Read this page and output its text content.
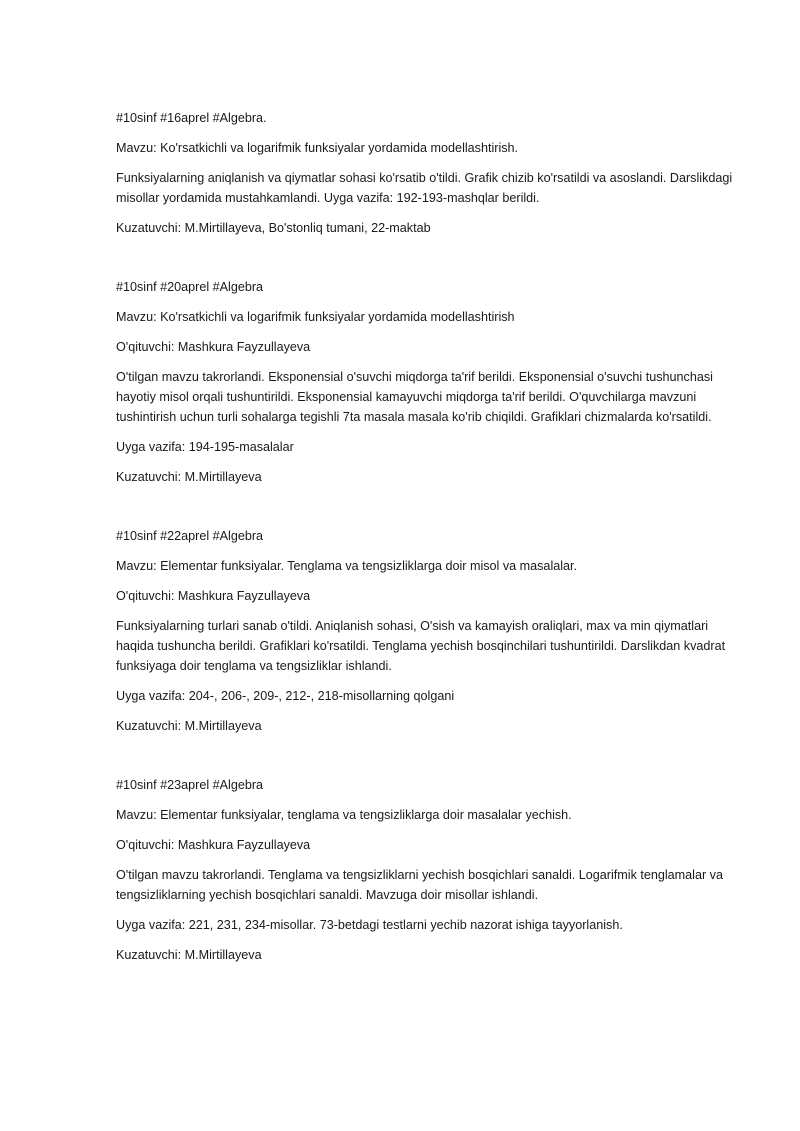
#10sinf #16aprel #Algebra.

Mavzu: Ko'rsatkichli va logarifmik funksiyalar yordamida modellashtirish.

Funksiyalarning aniqlanish va qiymatlar sohasi ko'rsatib o'tildi. Grafik chizib ko'rsatildi va asoslandi. Darslikdagi misollar yordamida mustahkamlandi. Uyga vazifa: 192-193-mashqlar berildi.

Kuzatuvchi: M.Mirtillayeva, Bo'stonliq tumani, 22-maktab

#10sinf #20aprel #Algebra

Mavzu: Ko'rsatkichli va logarifmik funksiyalar yordamida modellashtirish

O'qituvchi: Mashkura Fayzullayeva

O'tilgan mavzu takrorlandi. Eksponensial o'suvchi miqdorga ta'rif berildi. Eksponensial o'suvchi tushunchasi hayotiy misol orqali tushuntirildi. Eksponensial kamayuvchi miqdorga ta'rif berildi. O'quvchilarga mavzuni tushintirish uchun turli sohalarga tegishli 7ta masala masala ko'rib chiqildi. Grafiklari chizmalarda ko'rsatildi.

Uyga vazifa: 194-195-masalalar

Kuzatuvchi: M.Mirtillayeva

#10sinf #22aprel #Algebra

Mavzu: Elementar funksiyalar. Tenglama va tengsizliklarga doir misol va masalalar.

O'qituvchi: Mashkura Fayzullayeva

Funksiyalarning turlari sanab o'tildi. Aniqlanish sohasi, O'sish va kamayish oraliqlari, max va min qiymatlari haqida tushuncha berildi. Grafiklari ko'rsatildi. Tenglama yechish bosqinchilari tushuntirildi. Darslikdan kvadrat funksiyaga doir tenglama va tengsizliklar ishlandi.

Uyga vazifa: 204-, 206-, 209-, 212-, 218-misollarning qolgani

Kuzatuvchi: M.Mirtillayeva

#10sinf #23aprel #Algebra

Mavzu: Elementar funksiyalar, tenglama va tengsizliklarga doir masalalar yechish.

O'qituvchi: Mashkura Fayzullayeva

O'tilgan mavzu takrorlandi. Tenglama va tengsizliklarni yechish bosqichlari sanaldi. Logarifmik tenglamalar va tengsizliklarning yechish bosqichlari sanaldi. Mavzuga doir misollar ishlandi.

Uyga vazifa: 221, 231, 234-misollar. 73-betdagi testlarni yechib nazorat ishiga tayyorlanish.

Kuzatuvchi: M.Mirtillayeva
